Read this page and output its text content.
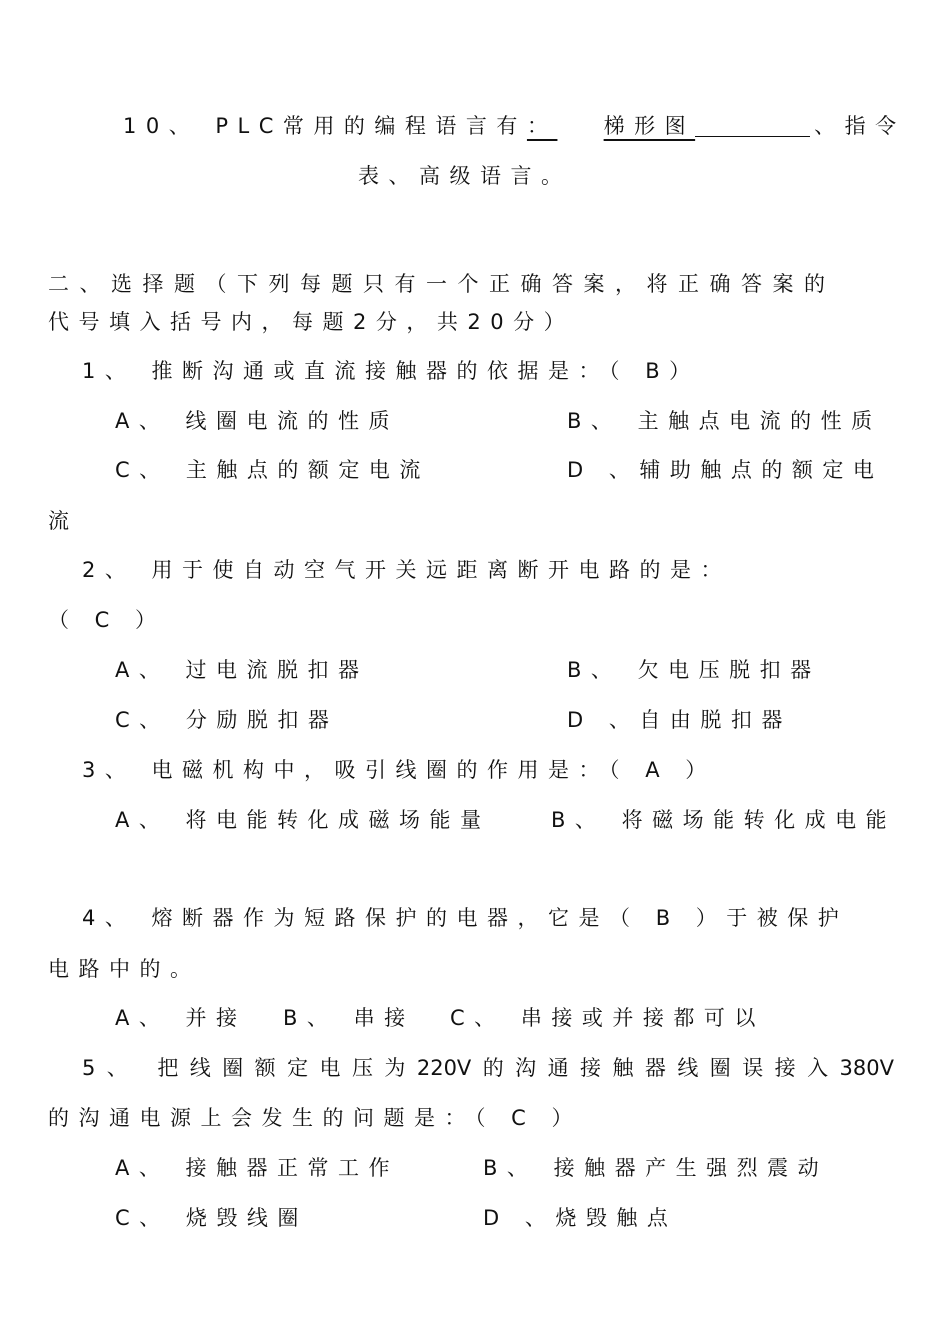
10、 PLC常用的编程语言有： 梯形图	、指令
表、高级语言。
二、选择题（下列每题只有一个正确答案，将正确答案的
代号填入括号内，每题2分，共20分）
1、 推断沟通或直流接触器的依据是：（ B）
A、 线圈电流的性质	B、 主触点电流的性质
C、 主触点的额定电流	D 、辅助触点的额定电
流
2、 用于使自动空气开关远距离断开电路的是：
（ C ）
A、 过电流脱扣器	B、 欠电压脱扣器
C、 分励脱扣器	D 、自由脱扣器
3、 电磁机构中，吸引线圈的作用是：（ A ）
A、 将电能转化成磁场能量	B、 将磁场能转化成电能
4、 熔断器作为短路保护的电器，它是（ B ）于被保护
电路中的。
A、 并接 B、 串接 C、 串接或并接都可以
5、 把线圈额定电压为220V的沟通接触器线圈误接入380V
的沟通电源上会发生的问题是：（ C ）
A、 接触器正常工作	B、 接触器产生强烈震动
C、 烧毁线圈	D 、烧毁触点
